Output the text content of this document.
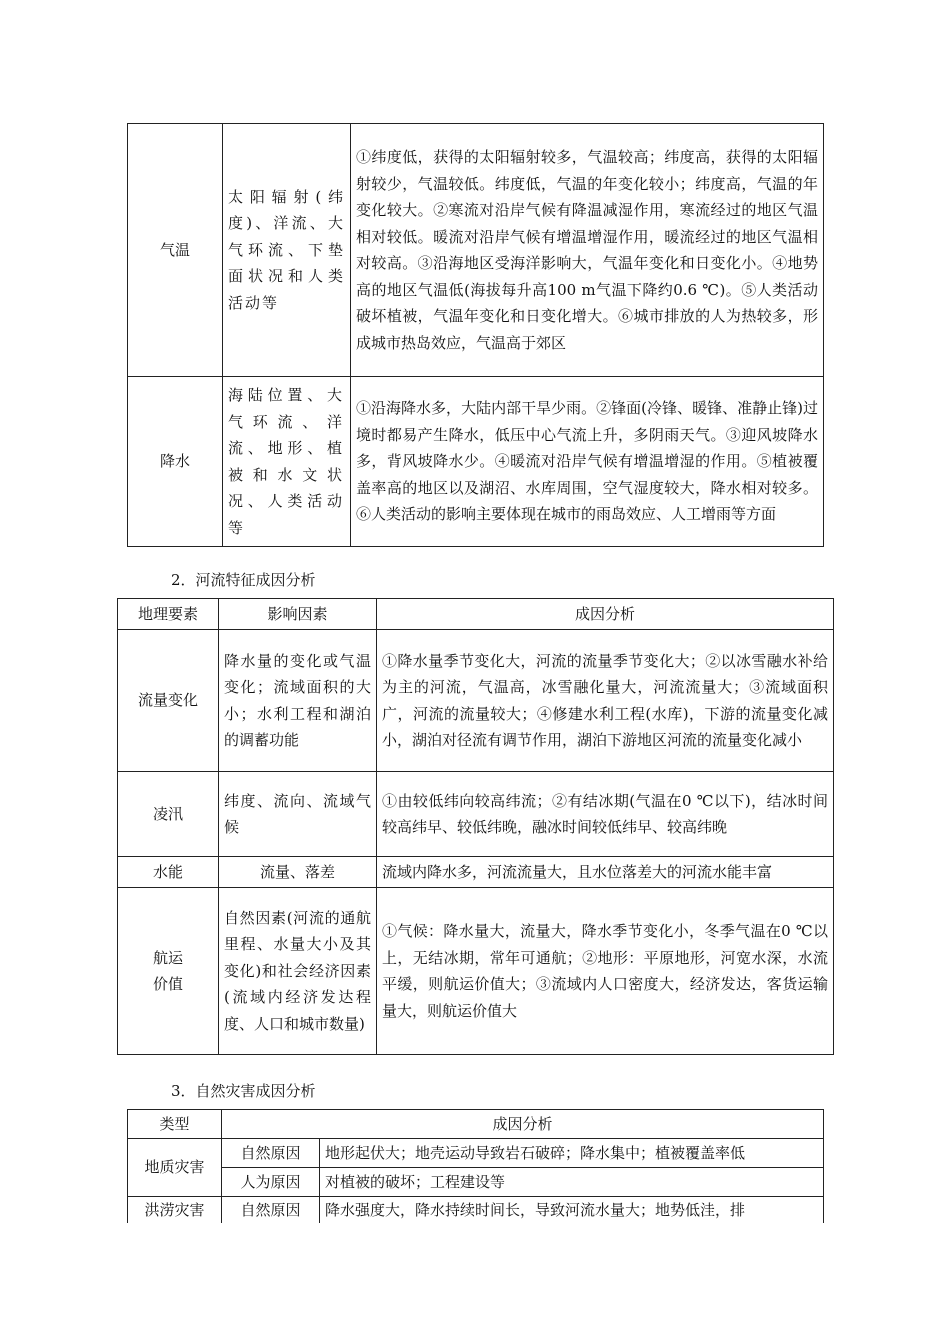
气温	太阳辐射(纬度)、洋流、大气环流、下垫面状况和人类活动等	①纬度低，获得的太阳辐射较多，气温较高；纬度高，获得的太阳辐射较少，气温较低。纬度低，气温的年变化较小；纬度高，气温的年变化较大。②寒流对沿岸气候有降温减湿作用，寒流经过的地区气温相对较低。暖流对沿岸气候有增温增湿作用，暖流经过的地区气温相对较高。③沿海地区受海洋影响大，气温年变化和日变化小。④地势高的地区气温低(海拔每升高100 m气温下降约0.6 ℃)。⑤人类活动破坏植被，气温年变化和日变化增大。⑥城市排放的人为热较多，形成城市热岛效应，气温高于郊区
降水	海陆位置、大气环流、洋流、地形、植被和水文状况、人类活动等	①沿海降水多，大陆内部干旱少雨。②锋面(冷锋、暖锋、准静止锋)过境时都易产生降水，低压中心气流上升，多阴雨天气。③迎风坡降水多，背风坡降水少。④暖流对沿岸气候有增温增湿的作用。⑤植被覆盖率高的地区以及湖沼、水库周围，空气湿度较大，降水相对较多。⑥人类活动的影响主要体现在城市的雨岛效应、人工增雨等方面
2．河流特征成因分析
地理要素	影响因素	成因分析
流量变化	降水量的变化或气温变化；流域面积的大小；水利工程和湖泊的调蓄功能	①降水量季节变化大，河流的流量季节变化大；②以冰雪融水补给为主的河流，气温高，冰雪融化量大，河流流量大；③流域面积广，河流的流量较大；④修建水利工程(水库)，下游的流量变化减小，湖泊对径流有调节作用，湖泊下游地区河流的流量变化减小
凌汛	纬度、流向、流域气候	①由较低纬向较高纬流；②有结冰期(气温在0 ℃以下)，结冰时间较高纬早、较低纬晚，融冰时间较低纬早、较高纬晚
水能	流量、落差	流域内降水多，河流流量大，且水位落差大的河流水能丰富
航运价值	自然因素(河流的通航里程、水量大小及其变化)和社会经济因素(流域内经济发达程度、人口和城市数量)	①气候：降水量大，流量大，降水季节变化小，冬季气温在0 ℃以上，无结冰期，常年可通航；②地形：平原地形，河宽水深，水流平缓，则航运价值大；③流域内人口密度大，经济发达，客货运输量大，则航运价值大
3．自然灾害成因分析
类型	成因分析	
地质灾害	自然原因	地形起伏大；地壳运动导致岩石破碎；降水集中；植被覆盖率低
	人为原因	对植被的破坏；工程建设等
洪涝灾害	自然原因	降水强度大，降水持续时间长，导致河流水量大；地势低洼，排
